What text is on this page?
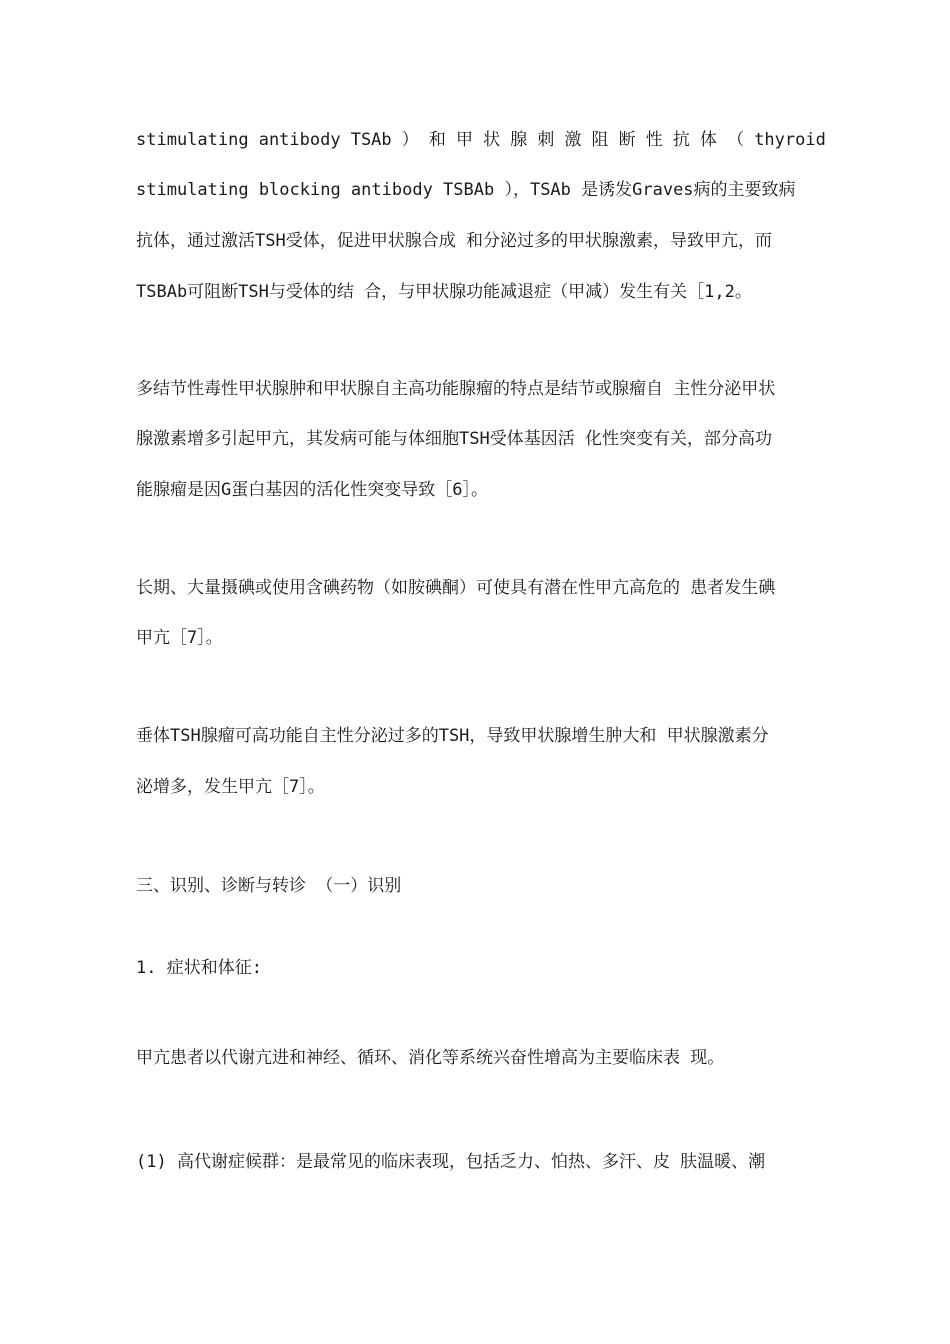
stimulating antibody TSAb ） 和 甲 状 腺 刺 激 阻 断 性 抗 体 （ thyroid
stimulating blocking antibody TSBAb ），TSAb 是诱发Graves病的主要致病
抗体，通过激活TSH受体，促进甲状腺合成 和分泌过多的甲状腺激素，导致甲亢，而
TSBAb可阻断TSH与受体的结 合，与甲状腺功能减退症（甲减）发生有关［1,2。
多结节性毒性甲状腺肿和甲状腺自主高功能腺瘤的特点是结节或腺瘤自 主性分泌甲状
腺激素增多引起甲亢，其发病可能与体细胞TSH受体基因活 化性突变有关，部分高功
能腺瘤是因G蛋白基因的活化性突变导致［6］。
长期、大量摄碘或使用含碘药物（如胺碘酮）可使具有潜在性甲亢高危的 患者发生碘
甲亢［7］。
垂体TSH腺瘤可高功能自主性分泌过多的TSH，导致甲状腺增生肿大和 甲状腺激素分
泌增多，发生甲亢［7］。
三、识别、诊断与转诊 （一）识别
1. 症状和体征:
甲亢患者以代谢亢进和神经、循环、消化等系统兴奋性增高为主要临床表 现。
(1) 高代谢症候群：是最常见的临床表现，包括乏力、怕热、多汗、皮 肤温暖、潮
